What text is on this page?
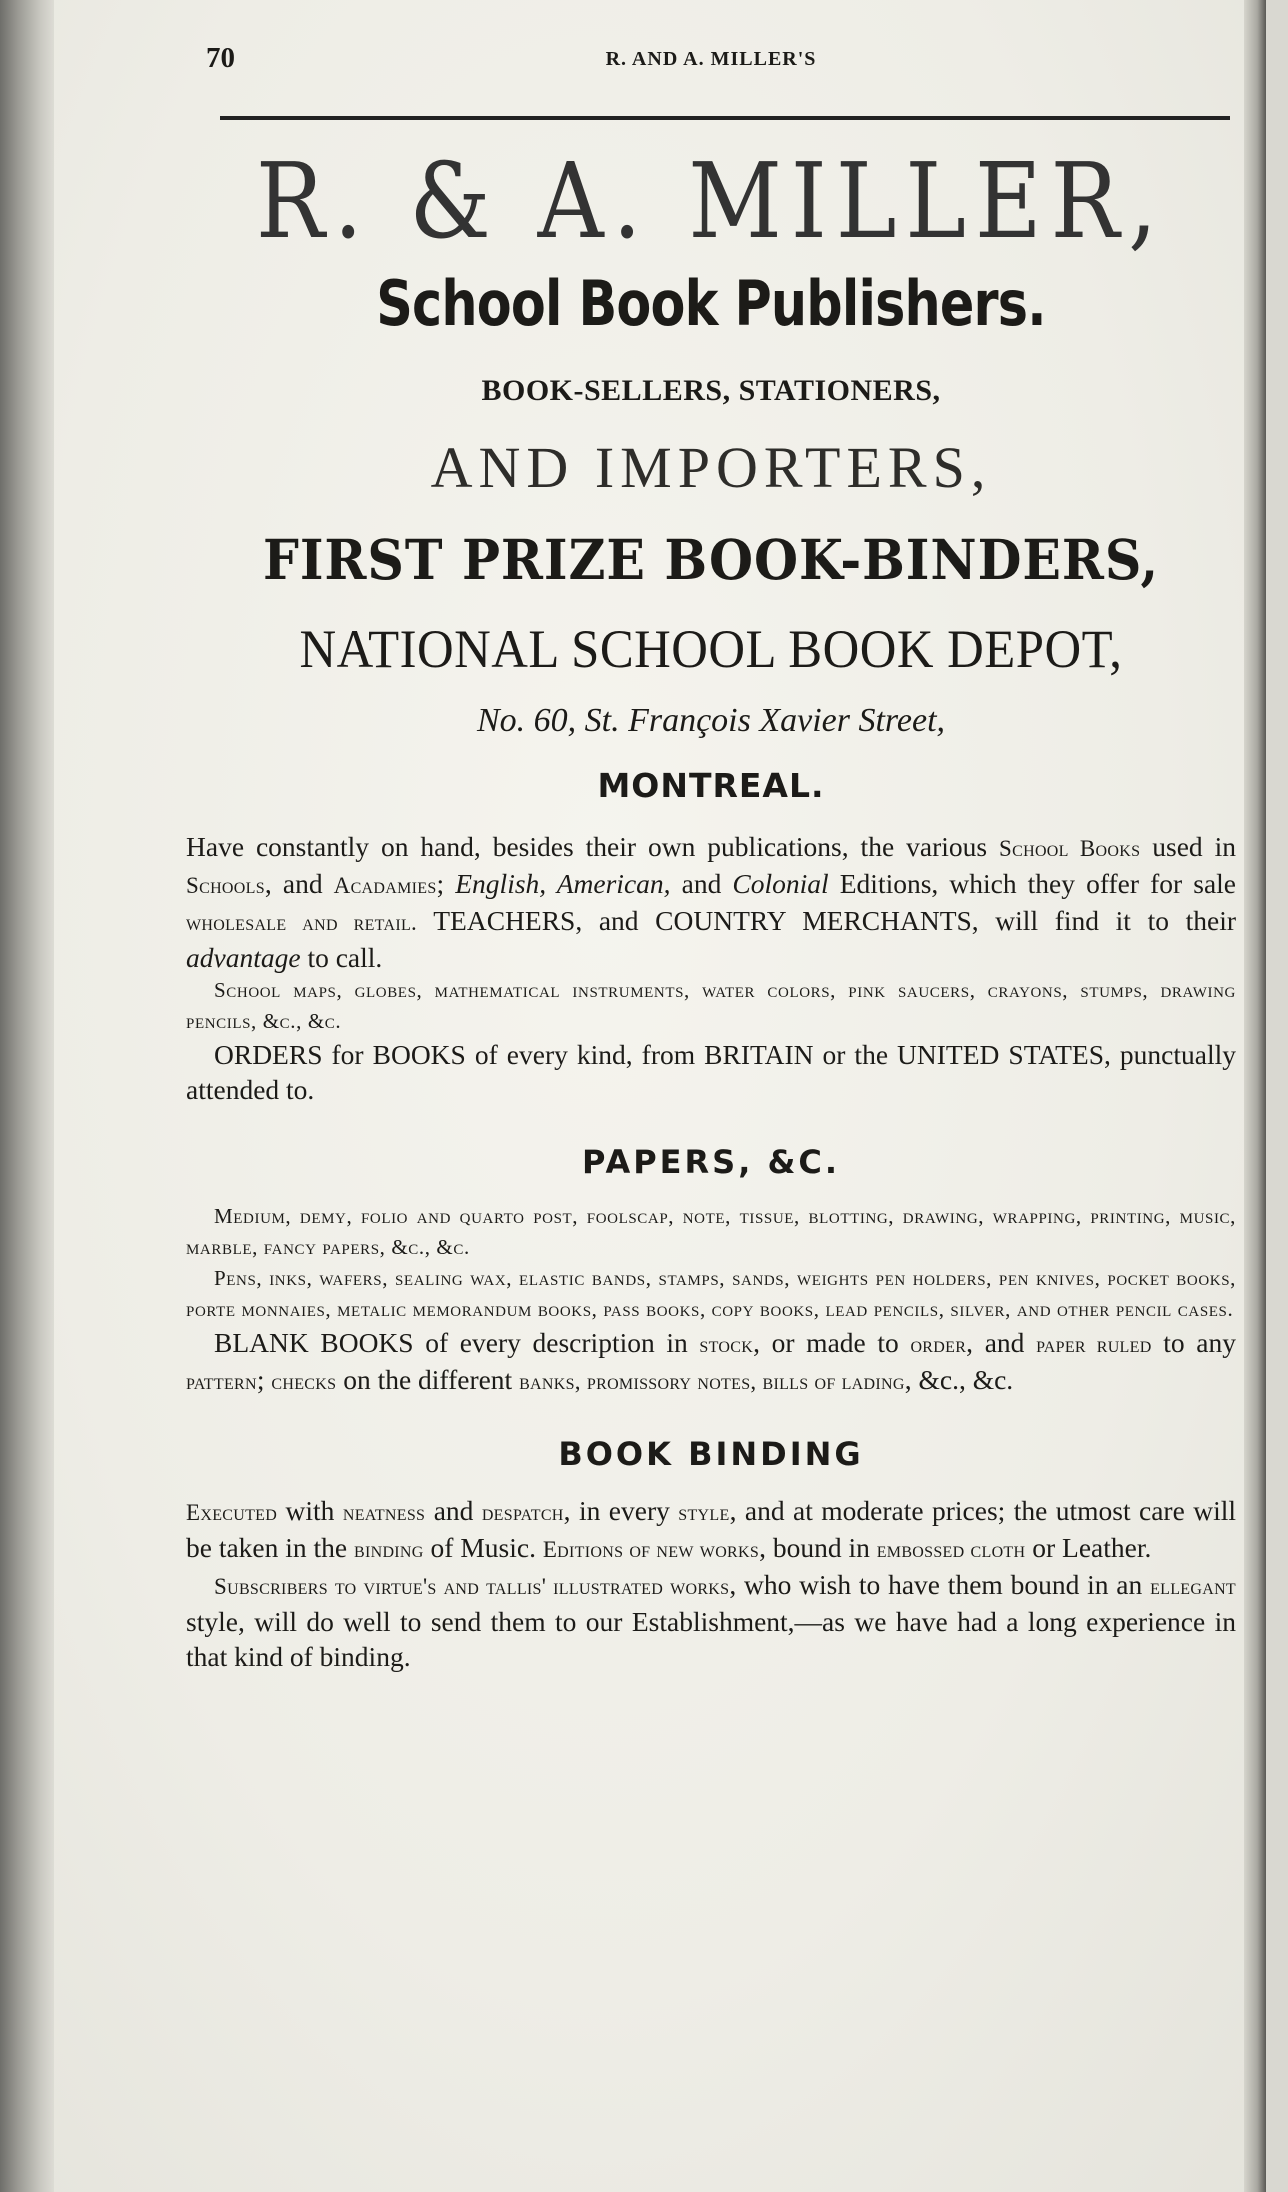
70	R. AND A. MILLER'S
R. & A. MILLER,
School Book Publishers.

BOOK-SELLERS, STATIONERS,

AND IMPORTERS,

FIRST PRIZE BOOK-BINDERS,

NATIONAL SCHOOL BOOK DEPOT,

No. 60, St. François Xavier Street,

MONTREAL.

Have constantly on hand, besides their own publications, the various School Books used in Schools, and Acadamies; English, American, and Colonial Editions, which they offer for sale wholesale and retail. TEACHERS, and COUNTRY MERCHANTS, will find it to their advantage to call.

School maps, globes, mathematical instruments, water colors, pink saucers, crayons, stumps, drawing pencils, &c., &c.

ORDERS for BOOKS of every kind, from BRITAIN or the UNITED STATES, punctually attended to.

PAPERS, &C.

Medium, demy, folio and quarto post, foolscap, note, tissue, blotting, drawing, wrapping, printing, music, marble, fancy papers, &c., &c.

Pens, inks, wafers, sealing wax, elastic bands, stamps, sands, weights pen holders, pen knives, pocket books, porte monnaies, metalic memorandum books, pass books, copy books, lead pencils, silver, and other pencil cases.

BLANK BOOKS of every description in stock, or made to order, and paper ruled to any pattern; checks on the different banks, promissory notes, bills of lading, &c., &c.

BOOK BINDING

Executed with neatness and despatch, in every style, and at moderate prices; the utmost care will be taken in the binding of Music. Editions of new works, bound in embossed cloth or Leather.

Subscribers to virtue's and tallis' illustrated works, who wish to have them bound in an ellegant style, will do well to send them to our Establishment,—as we have had a long experience in that kind of binding.
